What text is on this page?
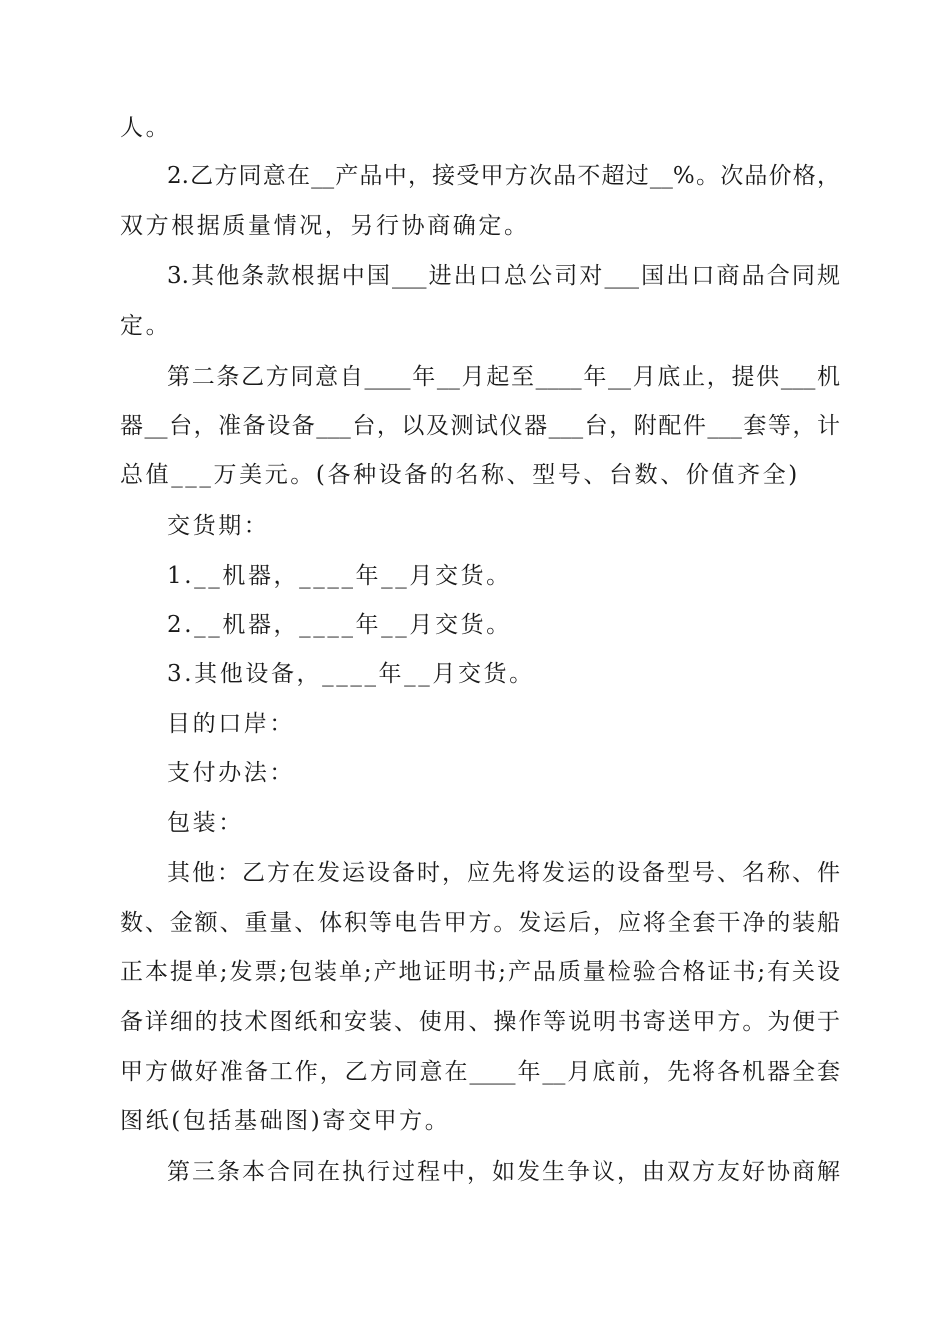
人。
2.乙方同意在__产品中，接受甲方次品不超过__%。次品价格，
双方根据质量情况，另行协商确定。
3.其他条款根据中国___进出口总公司对___国出口商品合同规
定。
第二条乙方同意自____年__月起至____年__月底止，提供___机
器__台，准备设备___台，以及测试仪器___台，附配件___套等，计
总值___万美元。(各种设备的名称、型号、台数、价值齐全)
交货期：
1.__机器，____年__月交货。
2.__机器，____年__月交货。
3.其他设备，____年__月交货。
目的口岸：
支付办法：
包装：
其他：乙方在发运设备时，应先将发运的设备型号、名称、件
数、金额、重量、体积等电告甲方。发运后，应将全套干净的装船
正本提单;发票;包装单;产地证明书;产品质量检验合格证书;有关设
备详细的技术图纸和安装、使用、操作等说明书寄送甲方。为便于
甲方做好准备工作，乙方同意在____年__月底前，先将各机器全套
图纸(包括基础图)寄交甲方。
第三条本合同在执行过程中，如发生争议，由双方友好协商解
